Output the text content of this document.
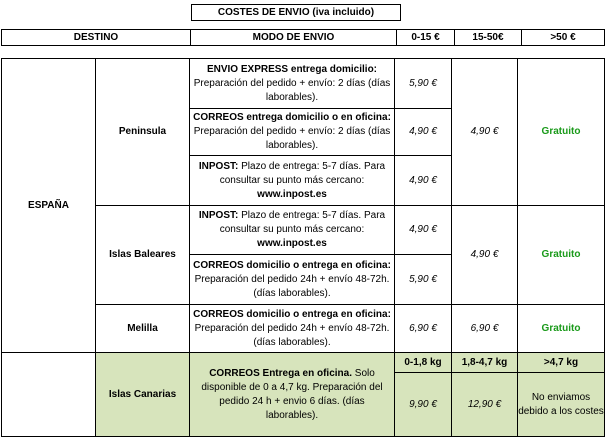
COSTES DE ENVIO (iva incluido)
DESTINO	MODO DE ENVIO	0-15 €	15-50€	>50 €
ESPAÑA	Peninsula	ENVIO EXPRESS entrega domicilio:
Preparación del pedido + envío: 2 días (días laborables).	5,90 €	4,90 €	Gratuito
		CORREOS entrega domicilio o en oficina:
Preparación del pedido + envío: 2 días (días laborables).	4,90 €		
		INPOST: Plazo de entrega: 5-7 días. Para consultar su punto más cercano: www.inpost.es	4,90 €		
	Islas Baleares	INPOST: Plazo de entrega: 5-7 días. Para consultar su punto más cercano: www.inpost.es	4,90 €	4,90 €	Gratuito
		CORREOS domicilio o entrega en oficina:
Preparación del pedido 24h + envío 48-72h. (días laborables).	5,90 €		
	Melilla	CORREOS domicilio o entrega en oficina:
Preparación del pedido 24h + envío 48-72h. (días laborables).	6,90 €	6,90 €	Gratuito
	Islas Canarias	CORREOS Entrega en oficina. Solo disponible de 0 a 4,7 kg. Preparación del pedido 24 h + envio 6 días. (días laborables).	0-1,8 kg	1,8-4,7 kg	>4,7 kg
			9,90 €	12,90 €	No enviamos debido a los costes
